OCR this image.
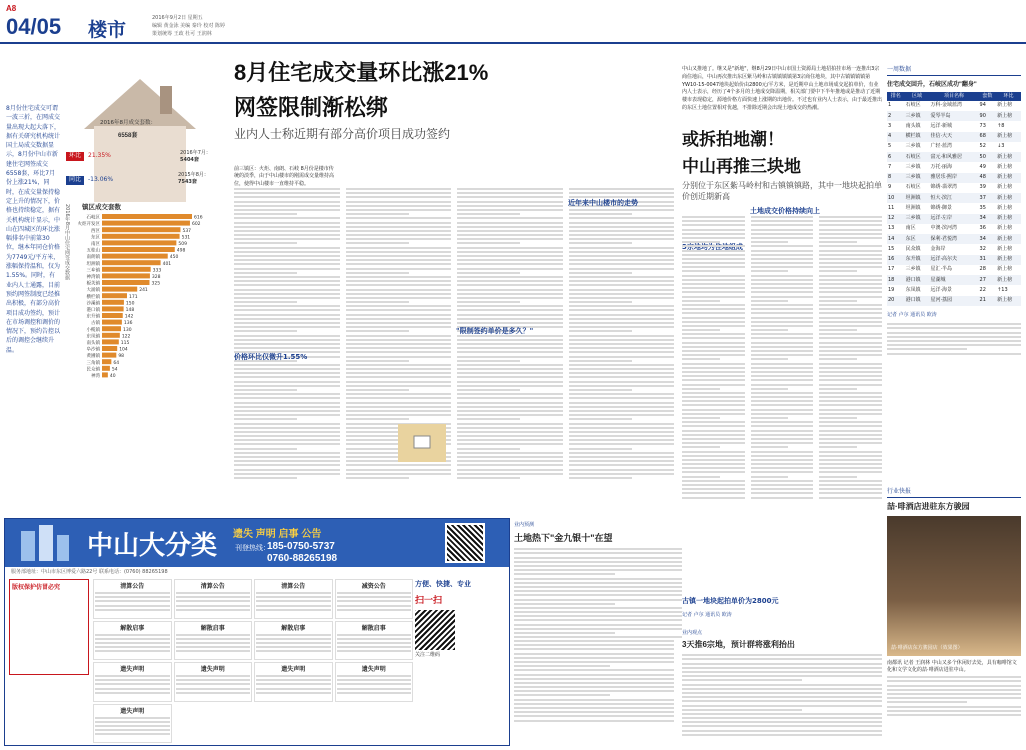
A8
04/05 楼市
2016年9月2日 星期五
编辑 黄金泳 美编 秦玲 校对 陈婷
策划统筹 王政 杜可 王润林
8月份住宅成交可谓一波三折，在网成交量出现大起大落下，据有关研究机构统计国土局成交数据显示，8月份中山市新建住宅网签成交6558套，环比7月份上涨21%，同时，在成交量保持稳定上升的情况下，价格也持续稳定，据有关机构统计显示，中山在四城区的环比涨幅排名中前第30位，继本年同仓价格为7749元/平方米，涨幅保持温和，仅为1.55%。同时，有业内人士通露，目前预约网签制度已经推出积极，有部分高价项目成功签约，预计在市场调控和调价的情况下，预约告控以后的调控会继续升温。
2016年8月成交套数：
6558套
环比	21.35%	2016年7月：
5404套
同比	-13.06%
2015年8月：
7543套
2016年8月中山住宅网签成交数据 镇区成交套数
石岐区	616
火炬开发区	602
西区	537
东区	531
南区	509
五桂山	498
南朗镇	450
坦洲镇	401
三乡镇	333
神湾镇	328
板芙镇	325
大涌镇	241
横栏镇	171
沙溪镇	150
港口镇	148
东升镇	142
古镇	136
小榄镇	130
东凤镇	122
南头镇	115
阜沙镇	104
黄圃镇	98
三角镇	64
民众镇	54
神湾 40
8月住宅成交量环比涨21%
网签限制渐松绑
业内人士称近期有部分高价项目成功签约
前三镇区：火炬、南朗、石岐 8月份是楼市传统的淡季，由于中山楼市的刚需成交量维持高位，使得中山楼市一直维持平稳。
近年来中山楼市的走势
价格环比仅微升1.55%
"限制签约单价是多久？"
中山又推地了。继又是"新地"，继8月29日中山市国土资源局土地招拍挂市场一连推出3宗商住地后，中山再次推出东区紫马岭和古镇镇镇镇第3宗商住地块，其中古镇镇镇镇第YW10-15-0047地块起始价由2800元/平方米，是近期中山土地市场成交起拍单价，有业内人士表示，经历了4个多月的土地成交降温期，相关部门要中下半年推地或是推动了近期楼市表现稳定，源地价格方面快速上涨期的出地价。不过也有业内人士表示，由于最近推出的东区土地位置相对优越，不排除近期会出现土地成交的热潮。
或拆拍地潮！
中山再推三块地
分别位于东区紫马岭村和古镇镇镇路，其中一地块起拍单价创近期新高
土地成交价格持续向上
古镇一地块起拍单价为2800元
一周数据
住宅成交回升，石岐区成功"翻身"
排名	区域	项目名称	套数	环比
1	石岐区	万科·金域蓝湾	94	新上榜
2	三乡镇	爱琴半岛	90	新上榜
3	南头镇	远洋·新城	73	↑8
4	横栏镇	佳信·大天	68	新上榜
5	三乡镇	广轻·蓝湾	52	↓3
6	石岐区	富元·和风雅居	50	新上榜
7	三乡镇	万托·丽海	49	新上榜
8	三乡镇	雅居乐·熙岸	48	新上榜
9	石岐区	锦绣·翡翠湾	39	新上榜
10	坦洲镇	恒大·滨江	37	新上榜
11	坦洲镇	锦绣·御景	35	新上榜
12	三乡镇	远洋·左岸	34	新上榜
13	南区	中澳·滨河湾	36	新上榜
14	东区	保利·君悦湾	34	新上榜
15	民众镇	金海岸	32	新上榜
16	东升镇	远洋·高尔夫	31	新上榜
17	三乡镇	星汇·半岛	28	新上榜
18	港口镇	星湖城	27	新上榜
19	东凤镇	远洋·海景	22	↑13
20	港口镇	星河·荔园	21	新上榜
记者 卢尔 通讯员 欧涛
行业快报
喆·啡酒店进驻东方骏园
喆·啡酒店东方骏园店（效果图）
南都讯 记者 王润林 中山又多个休闲好去处，具有咖啡馆文化和文学文化的喆·啡酒店进驻中山。
中山大分类 遗失 声明 启事 公告
刊登热线：
185-0750-5737
0760-88265198
服务部地址：中山市东区博爱六路22号 联系电话：(0760) 88265198
版权保护仿冒必究	清算公告	清算公告	清算公告	减资公告
解散启事	解散启事	解散启事	解散启事
遗失声明	遗失声明	遗失声明	遗失声明
遗失声明
方便、快捷、专业
扫一扫
关注二维码
业内预测
土地热下"金九银十"在望
业内观点
3天推6宗地，预计群将涨利抬出
记者 卢尔 通讯员 欧涛
